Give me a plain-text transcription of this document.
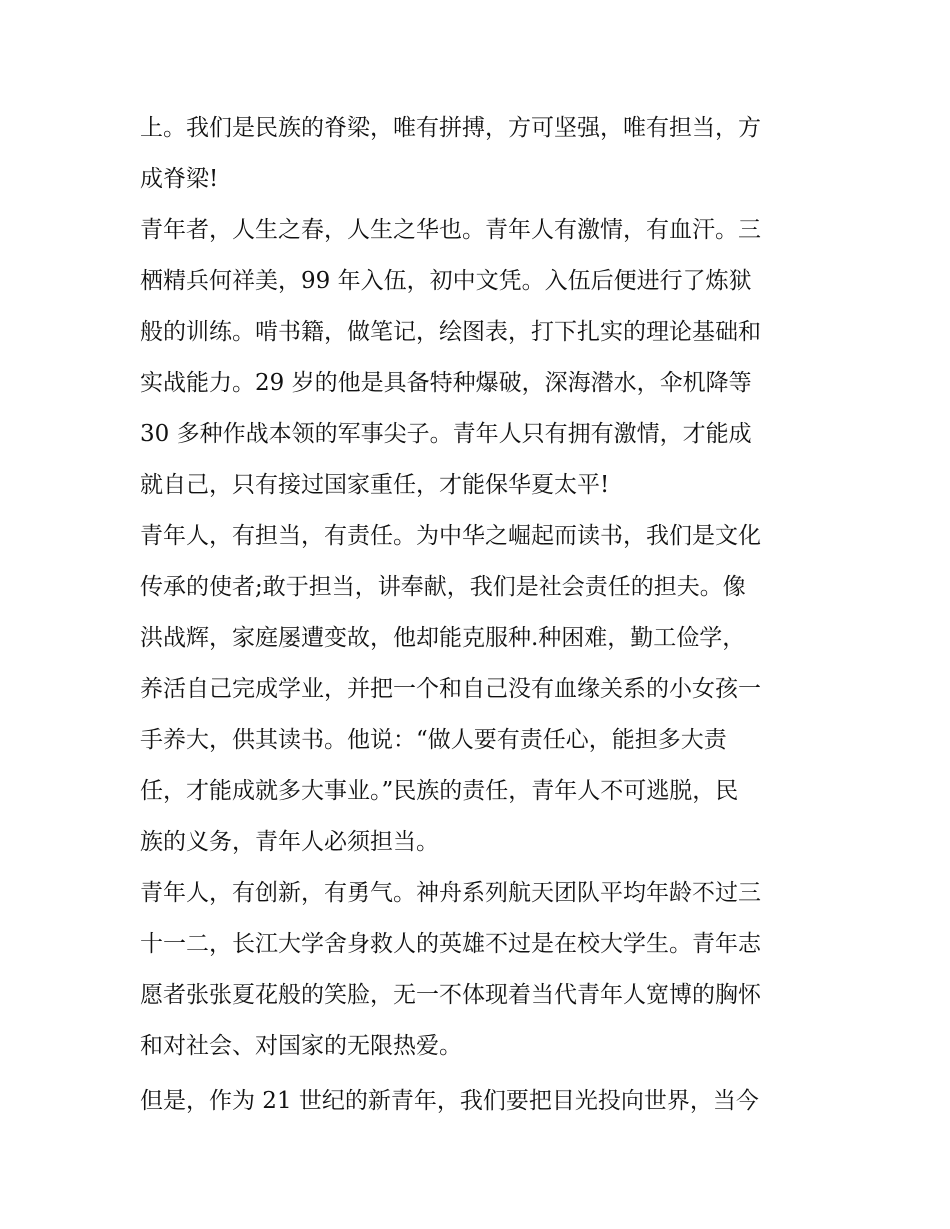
上。我们是民族的脊梁，唯有拼搏，方可坚强，唯有担当，方
成脊梁!
青年者，人生之春，人生之华也。青年人有激情，有血汗。三
栖精兵何祥美，99 年入伍，初中文凭。入伍后便进行了炼狱
般的训练。啃书籍，做笔记，绘图表，打下扎实的理论基础和
实战能力。29 岁的他是具备特种爆破，深海潜水，伞机降等
30 多种作战本领的军事尖子。青年人只有拥有激情，才能成
就自己，只有接过国家重任，才能保华夏太平!
青年人，有担当，有责任。为中华之崛起而读书，我们是文化
传承的使者;敢于担当，讲奉献，我们是社会责任的担夫。像
洪战辉，家庭屡遭变故，他却能克服种.种困难，勤工俭学，
养活自己完成学业，并把一个和自己没有血缘关系的小女孩一
手养大，供其读书。他说：“做人要有责任心，能担多大责
任，才能成就多大事业。”民族的责任，青年人不可逃脱，民
族的义务，青年人必须担当。
青年人，有创新，有勇气。神舟系列航天团队平均年龄不过三
十一二，长江大学舍身救人的英雄不过是在校大学生。青年志
愿者张张夏花般的笑脸，无一不体现着当代青年人宽博的胸怀
和对社会、对国家的无限热爱。
但是，作为 21 世纪的新青年，我们要把目光投向世界，当今
